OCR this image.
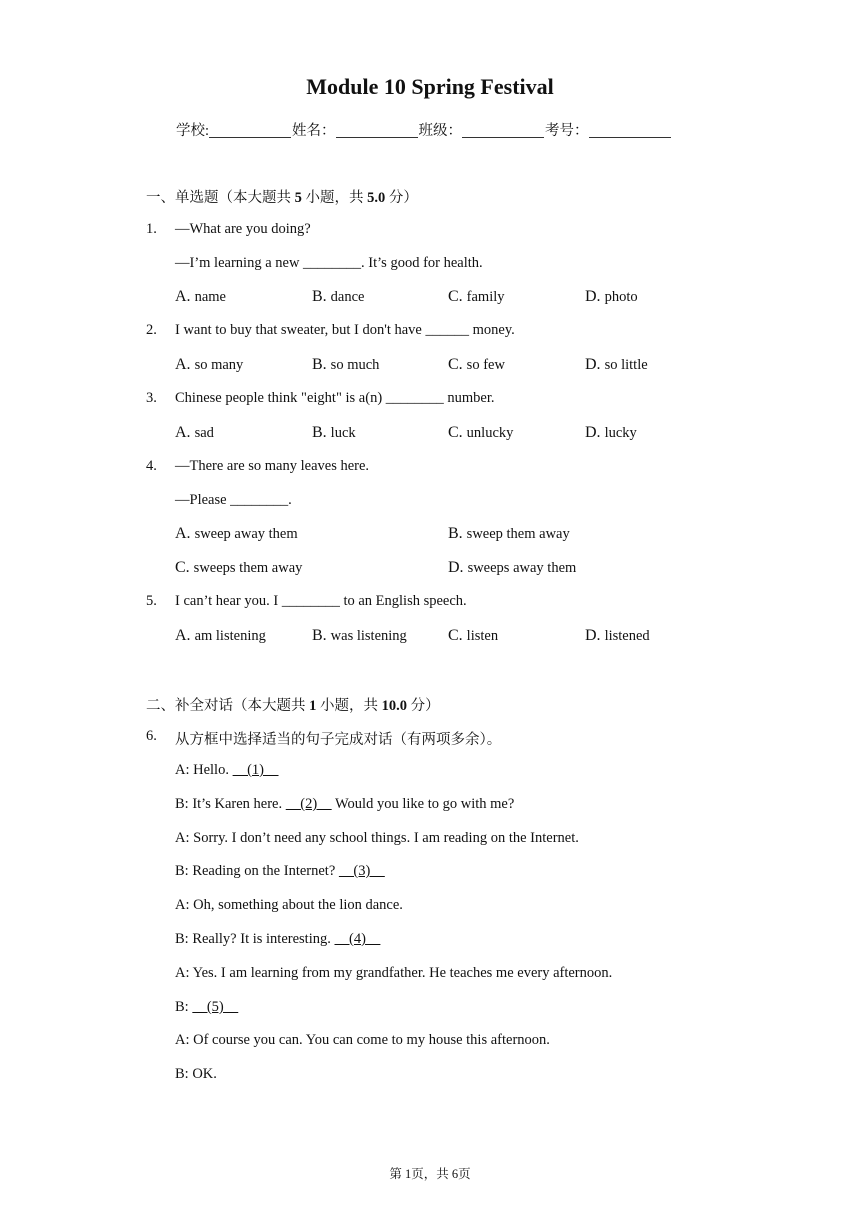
Module 10 Spring Festival
学校:	姓名：	班级：	考号：
一、单选题（本大题共 5 小题，共 5.0 分）
1. —What are you doing?
—I’m learning a new ________. It’s good for health.
A. name	B. dance	C. family	D. photo
2. I want to buy that sweater, but I don't have ______ money.
A. so many	B. so much	C. so few	D. so little
3. Chinese people think "eight" is a(n) ________ number.
A. sad	B. luck	C. unlucky	D. lucky
4. —There are so many leaves here.
—Please ________.
A. sweep away them	B. sweep them away
C. sweeps them away	D. sweeps away them
5. I can’t hear you. I ________ to an English speech.
A. am listening	B. was listening	C. listen	D. listened
二、补全对话（本大题共 1 小题，共 10.0 分）
6. 从方框中选择适当的句子完成对话（有两项多余）。
A: Hello.     (1)
B: It’s Karen here.     (2)     Would you like to go with me?
A: Sorry. I don’t need any school things. I am reading on the Internet.
B: Reading on the Internet?     (3)
A: Oh, something about the lion dance.
B: Really? It is interesting.     (4)
A: Yes. I am learning from my grandfather. He teaches me every afternoon.
B:     (5)
A: Of course you can. You can come to my house this afternoon.
B: OK.
第 1页，共 6页
